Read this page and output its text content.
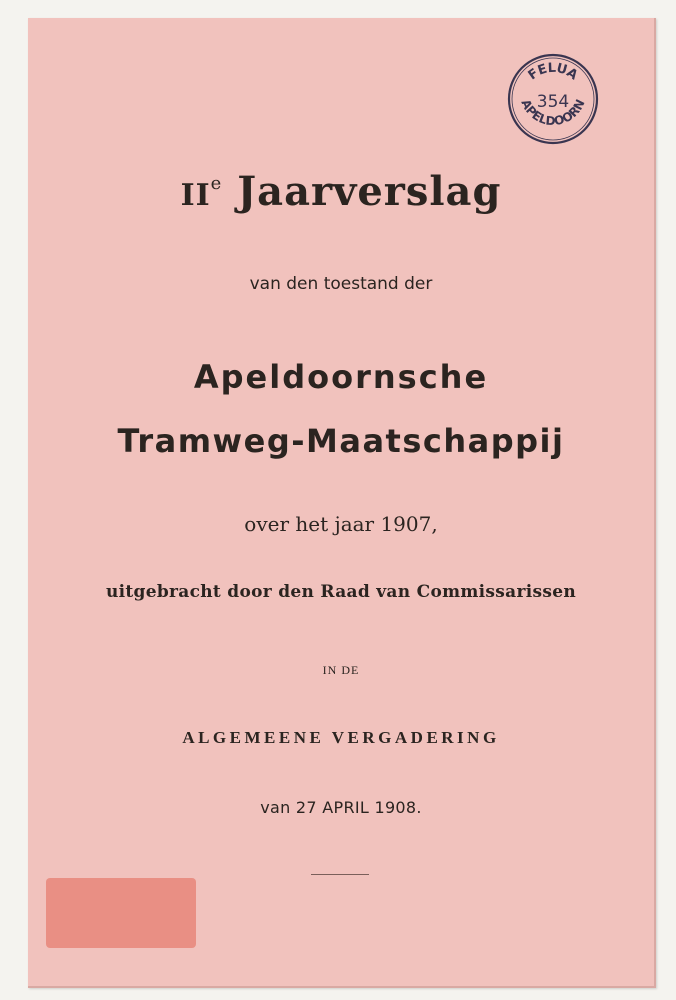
FELUA
354
APELDOORN
IIe Jaarverslag
van den toestand der
Apeldoornsche
Tramweg-Maatschappij
over het jaar 1907,
uitgebracht door den Raad van Commissarissen
IN DE
ALGEMEENE VERGADERING
van 27 APRIL 1908.
